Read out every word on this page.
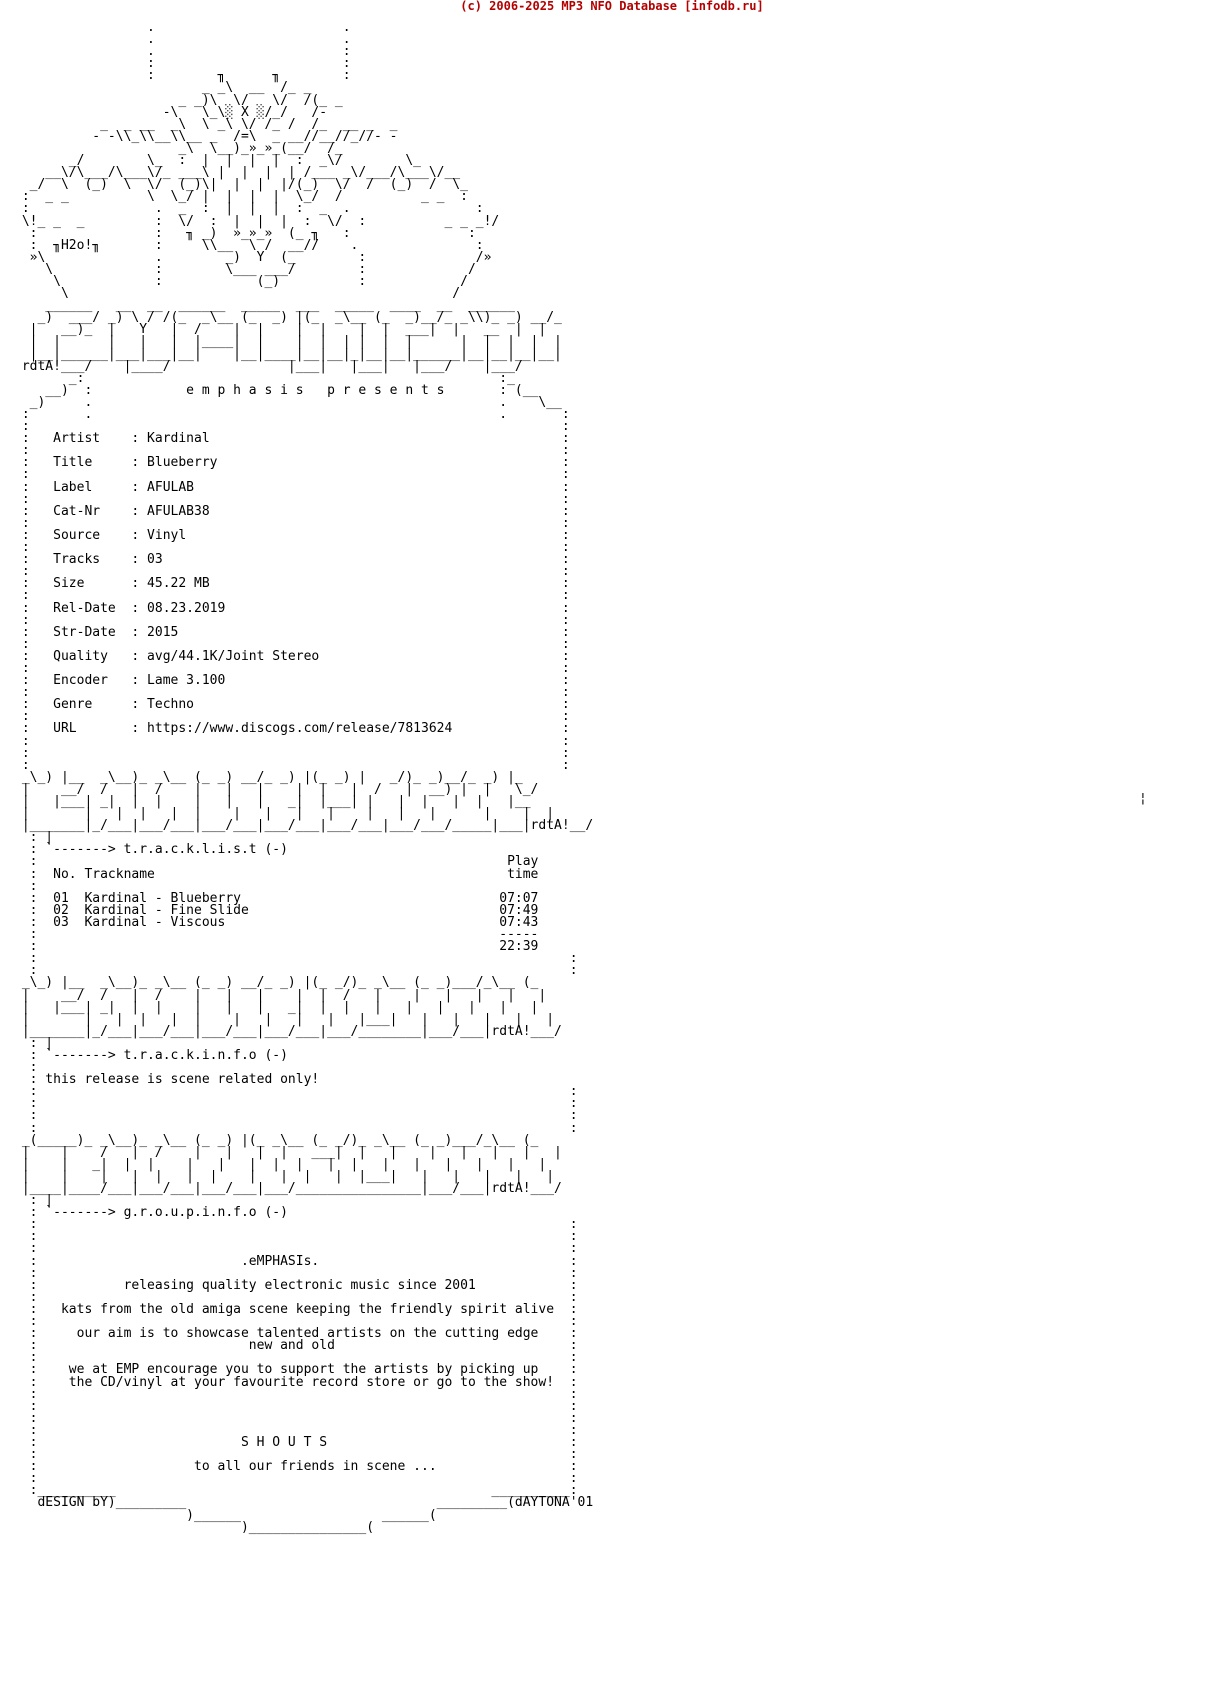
(c) 2006-2025 MP3 NFO Database [infodb.ru]
.                        .
.                        .
.                        :
:                        :
:        ╖      ╖        :
_ _\  __  /_ _
_ _)\  \/   \/  /(_ _
-\   \_\░ X ░/_/   /-
_  _ __  _\  \ _\ \/ /_ /  /_  __ _  _
- -\\_\\__\\__ _  /=\  _ __//__//_//- -
_\  \__)_»_»_(__/  /_
_/        \_  :  |  |  |  |  :  _\/        \_
__\/\___/\___\/_ ___\ |  |  |  | /___ _\/___/\___\/__
_/  \  (_)  \  \/  (_)\|  |  |  |/(_)  \/  /  (_)  /  \_
:  _ _          \  \_/ |  |  |  |  \_/  /          _ _  :
:                .  _  :  |  |  |  :  _  .                :
\!_ _  _         :  \/  :  |  |  |  :  \/  :          _ _ _!/
:               :   ╖ _)  »_»_»  (_ ╖   :               :
:  ╖H2o!╖       :     \\__  \ /  __//    .               :
»\              .        _)  Y  (_        :              /»
\             :        \___ ___/        :             /
\            :            (_)          :            /
\                                                 /
______   __  __  ______  _____  ___  _____  ____  __  ______
_)  ___/ _) \ / /(_  _\__ (_  _) |(_  _\__ (_  _)__/_ _\\)_ _) __/_
|   __)_  |   Y   |  /    |  |    |  |    |  |  ___|  |   __  |  |
|  |      |   |   |  |____|  |    |  |  | |  |  |      |  |  |  |  |
|__|______|___|___|__|    |__|____|__|__|_|__|__|______|__|__|__|__|
rdtA!___/    |____/               |___|   |___|   |___/    |___/
_:                                                     :_
__)  :            e m p h a s i s   p r e s e n t s       : (__
_)     .                                                    .    \__
:       .                                                    .       :
:                                                                    :
:   Artist    : Kardinal                                             :
:                                                                    :
:   Title     : Blueberry                                            :
:                                                                    :
:   Label     : AFULAB                                               :
:                                                                    :
:   Cat-Nr    : AFULAB38                                             :
:                                                                    :
:   Source    : Vinyl                                                :
:                                                                    :
:   Tracks    : 03                                                   :
:                                                                    :
:   Size      : 45.22 MB                                             :
:                                                                    :
:   Rel-Date  : 08.23.2019                                           :
:                                                                    :
:   Str-Date  : 2015                                                 :
:                                                                    :
:   Quality   : avg/44.1K/Joint Stereo                               :
:                                                                    :
:   Encoder   : Lame 3.100                                           :
:                                                                    :
:   Genre     : Techno                                               :
:                                                                    :
:   URL       : https://www.discogs.com/release/7813624              :
:                                                                    :
:                                                                    :
:                                                                    :
_\_) |__  _\__)_ _\__ (_ _) __/_ _) |(_ _) |   _/)_ _)__/_ _) |_
|    __/  /   |  /    |   |   |    |  |   |  /   |  __) |  |   \_/
|   |___| _|  |  |    |   |   |   _|  |___| |   |  |   |  |   |__
|       |   |  |   |  |    |   |   |   |    |   |   |      |    |  |
|_______|_/___|___/___|___/___|___/___|___/___|___/___/_____|___|rdtA!__/
: |
: `-------> t.r.a.c.k.l.i.s.t (-)
:                                                            Play
:  No. Trackname                                             time
:
:  01  Kardinal - Blueberry                                 07:07
:  02  Kardinal - Fine Slide                                07:49
:  03  Kardinal - Viscous                                   07:43
:                                                           -----
:                                                           22:39
:                                                                    :
:                                                                    :
_\_) |__  _\__)_ _\__ (_ _) __/_ _) |(_ _/)_ _\__ (_ _)___/_\__ (_
|    __/  /   |  /    |   |   |    |  |  /   |    |   |   |   |   |
|   |___| _|  |  |    |   |   |   _|  |  |   |   |   |   |   |   |
|       |   |  |   |  |    |   |   |   |   |___|   |   |   |   |   |
|_______|_/___|___/___|___/___|___/___|___/________|___/___|rdtA!___/
: |
: `-------> t.r.a.c.k.i.n.f.o (-)
:
: this release is scene related only!
:                                                                    :
:                                                                    :
:                                                                    :
:                                                                    :
_(_____)_ _\__)_ _\__ (_ _) |(_ _\__ (_ _/)_ _\__ (_ _)___/_\__ (_
|    |    /   |  /    |   |   |  |   ___|  |   |    |   |   |   |   |
|    |   _|  |  |    |   |   |  |  |   |  |   |   |   |   |   |   |
|    |    |   |  |   |  |    |   |  |   |  |___|   |   |   |   |   |
|____|____/___|___/___|___/___|___/________________|___/___|rdtA!___/
: |
: `-------> g.r.o.u.p.i.n.f.o (-)
:                                                                    :
:                                                                    :
:                                                                    :
:                          .eMPHASIs.                                :
:                                                                    :
:           releasing quality electronic music since 2001            :
:                                                                    :
:   kats from the old amiga scene keeping the friendly spirit alive  :
:                                                                    :
:     our aim is to showcase talented artists on the cutting edge    :
:                           new and old                              :
:                                                                    :
:    we at EMP encourage you to support the artists by picking up    :
:    the CD/vinyl at your favourite record store or go to the show!  :
:                                                                    :
:                                                                    :
:                                                                    :
:                                                                    :
:                          S H O U T S                               :
:                                                                    :
:                    to all our friends in scene ...                 :
:                                                                    :
:__________                                                __________:
dESIGN bY)_________                                _________(dAYTONA'01
)______                  ______(
)_______________(
¦
